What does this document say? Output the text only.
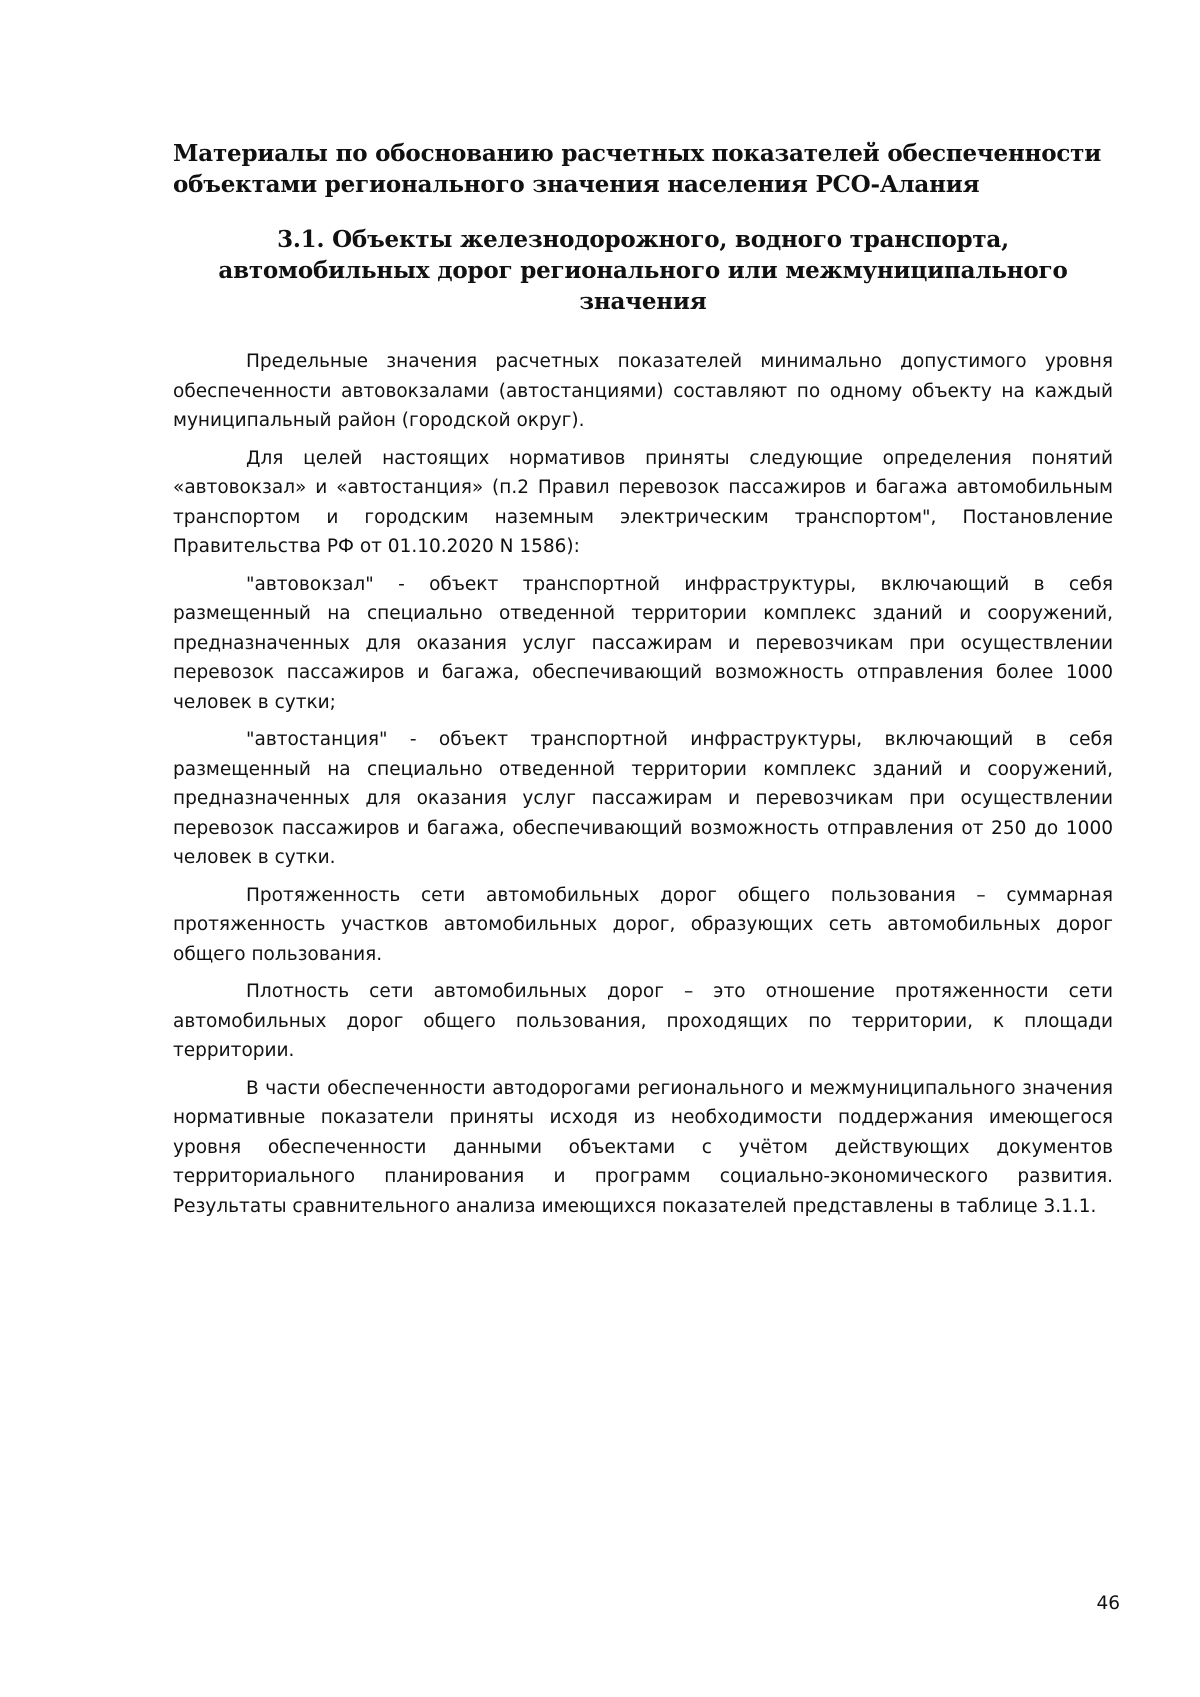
Материалы по обоснованию расчетных показателей обеспеченности объектами регионального значения населения РСО-Алания
3.1. Объекты железнодорожного, водного транспорта, автомобильных дорог регионального или межмуниципального значения

Предельные значения расчетных показателей минимально допустимого уровня обеспеченности автовокзалами (автостанциями) составляют по одному объекту на каждый муниципальный район (городской округ).

Для целей настоящих нормативов приняты следующие определения понятий «автовокзал» и «автостанция» (п.2 Правил перевозок пассажиров и багажа автомобильным транспортом и городским наземным электрическим транспортом", Постановление Правительства РФ от 01.10.2020 N 1586):

"автовокзал" - объект транспортной инфраструктуры, включающий в себя размещенный на специально отведенной территории комплекс зданий и сооружений, предназначенных для оказания услуг пассажирам и перевозчикам при осуществлении перевозок пассажиров и багажа, обеспечивающий возможность отправления более 1000 человек в сутки;

"автостанция" - объект транспортной инфраструктуры, включающий в себя размещенный на специально отведенной территории комплекс зданий и сооружений, предназначенных для оказания услуг пассажирам и перевозчикам при осуществлении перевозок пассажиров и багажа, обеспечивающий возможность отправления от 250 до 1000 человек в сутки.

Протяженность сети автомобильных дорог общего пользования – суммарная протяженность участков автомобильных дорог, образующих сеть автомобильных дорог общего пользования.

Плотность сети автомобильных дорог – это отношение протяженности сети автомобильных дорог общего пользования, проходящих по территории, к площади территории.

В части обеспеченности автодорогами регионального и межмуниципального значения нормативные показатели приняты исходя из необходимости поддержания имеющегося уровня обеспеченности данными объектами с учётом действующих документов территориального планирования и программ социально-экономического развития. Результаты сравнительного анализа имеющихся показателей представлены в таблице 3.1.1.

46
